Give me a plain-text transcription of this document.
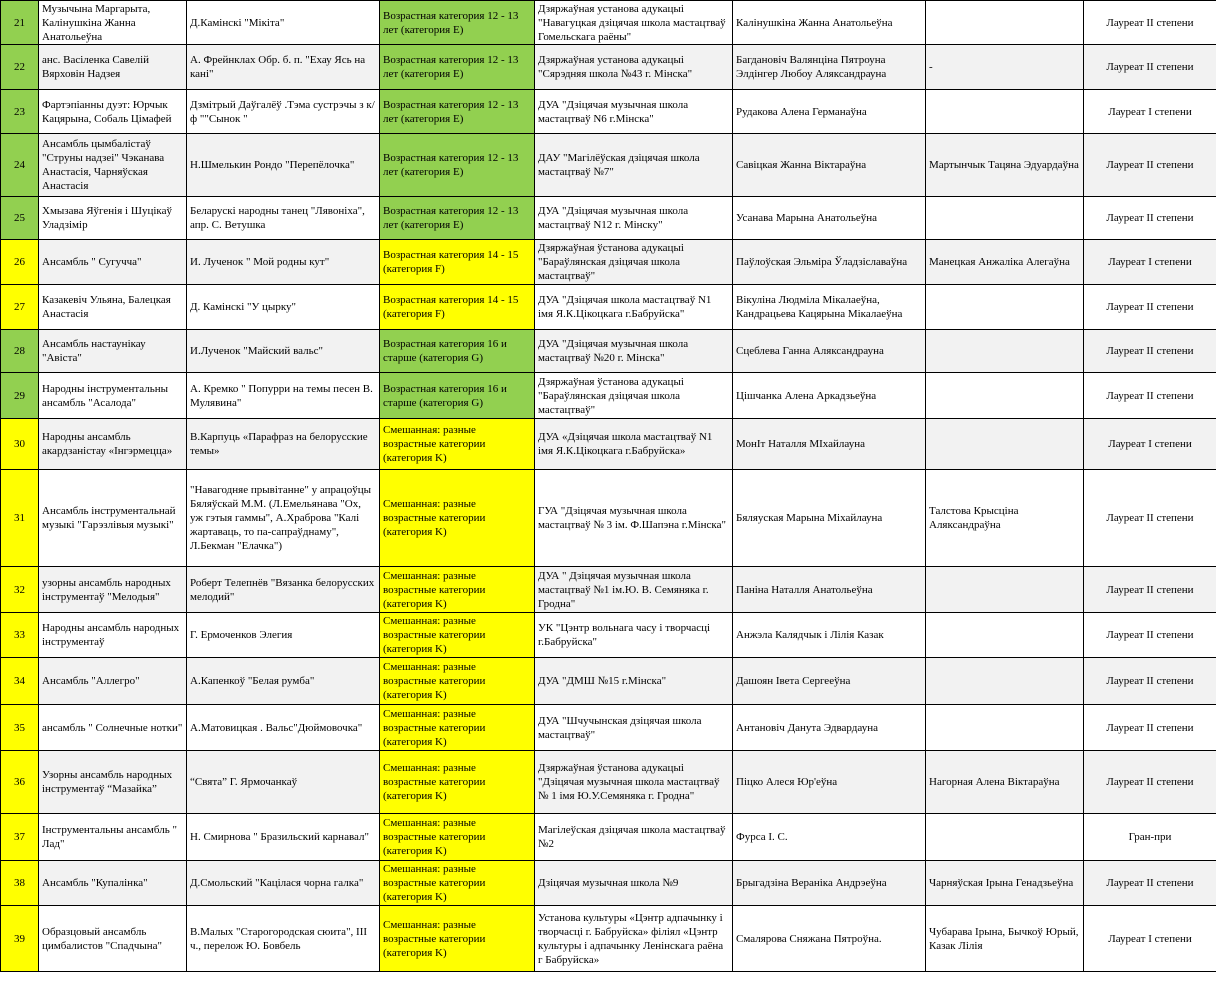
21	Музычына Маргарыта, Калінушкіна Жанна Анатольеўна	Д.Камінскі "Мікіта"	Возрастная категория 12 - 13 лет (категория E)	Дзяржаўная установа адукацыі "Навагуцкая дзіцячая школа мастацтваў Гомельскага раёны"	Калінушкіна Жанна Анатольеўна		Лауреат II степени
22	анс. Васіленка Савелій Вярховін Надзея	А. Фрейнклах Обр. б. п. "Ехау Ясь на кані"	Возрастная категория 12 - 13 лет (категория E)	Дзяржаўная установа адукацыі "Сярэдняя школа №43 г. Мінска"	Багдановіч Валянціна Пятроуна Элдінгер Любоу Аляксандрауна	-	Лауреат II степени
23	Фартэпіанны дуэт: Юрчык Кацярына, Собаль Цімафей	Дзмітрый Даўгалёў .Тэма сустрэчы з к/ф ""Сынок "	Возрастная категория 12 - 13 лет (категория E)	ДУА "Дзіцячая музычная школа мастацтваў N6 г.Мінска"	Рудакова Алена Германаўна		Лауреат I степени
24	Ансамбль цымбалістаў "Струны надзеі" Чэканава Анастасія, Чарняўская Анастасія	Н.Шмелькин Рондо "Перепёлочка"	Возрастная категория 12 - 13 лет (категория E)	ДАУ "Магілёўская дзіцячая школа мастацтваў №7"	Савіцкая Жанна Віктараўна	Мартынчык Тацяна Эдуардаўна	Лауреат II степени
25	Хмызава Яўгенія і Шуцікаў Уладзімір	Беларускі народны танец "Лявоніха", апр. С. Ветушка	Возрастная категория 12 - 13 лет (категория E)	ДУА "Дзіцячая музычная школа мастацтваў N12 г. Мінску"	Усанава Марына Анатольеўна		Лауреат II степени
26	Ансамбль " Сугучча"	И. Лученок " Мой родны кут"	Возрастная категория 14 - 15 (категория F)	Дзяржаўная ўстанова адукацыі "Бараўлянская дзіцячая школа мастацтваў"	Паўлоўская Эльміра Ўладзіславаўна	Манецкая Анжаліка Алегаўна	Лауреат I степени
27	Казакевіч Ульяна, Балецкая Анастасія	Д. Камінскі "У цырку"	Возрастная категория 14 - 15 (категория F)	ДУА "Дзіцячая школа мастацтваў N1 імя Я.К.Цікоцкага г.Бабруйска"	Вікуліна Людміла Мікалаеўна, Кандрацьева Кацярына Мікалаеўна		Лауреат II степени
28	Ансамбль настаунікау "Авіста"	И.Лученок "Майский вальс"	Возрастная категория 16 и старше (категория G)	ДУА "Дзіцячая музычная школа мастацтваў №20 г. Мінска"	Сцеблева Ганна Аляксандрауна		Лауреат II степени
29	Народны інструментальны ансамбль "Асалода"	А. Кремко " Попурри на темы песен В. Мулявина"	Возрастная категория 16 и старше (категория G)	Дзяржаўная ўстанова адукацыі "Бараўлянская дзіцячая школа мастацтваў"	Цішчанка Алена Аркадзьеўна		Лауреат II степени
30	Народны ансамбль акардзаністау «Інгэрмецца»	В.Карпуць «Парафраз на белорусские темы»	Смешанная: разные возрастные категории (категория K)	ДУА «Дзіцячая школа мастацтваў N1 імя Я.К.Цікоцкага г.Бабруйска»	МонІт Наталля МІхайлауна		Лауреат I степени
31	Ансамбль інструментальнай музыкі "Гарэзлівыя музыкі"	"Навагодняе прывітанне" у апрацоўцы Бяляўскай М.М. (Л.Емельянава "Ох, уж гэтыя гаммы", А.Храброва "Калі жартаваць, то па-сапраўднаму", Л.Бекман "Елачка")	Смешанная: разные возрастные категории (категория K)	ГУА "Дзіцячая музычная школа мастацтваў № 3 ім. Ф.Шапэна г.Мінска"	Бяляуская Марына Міхайлауна	Талстова Крысціна Аляксандраўна	Лауреат II степени
32	узорны ансамбль народных інструментаў "Мелодыя"	Роберт Телепнёв "Вязанка белорусских мелодий"	Смешанная: разные возрастные категории (категория K)	ДУА " Дзіцячая музычная школа мастацтваў №1 ім.Ю. В. Семяняка г. Гродна"	Паніна Наталля Анатольеўна		Лауреат II степени
33	Народны ансамбль народных інструментаў	Г. Ермоченков Элегия	Смешанная: разные возрастные категории (категория K)	УК "Цэнтр вольнага часу і творчасці г.Бабруйска"	Анжэла Калядчык і Лілія Казак		Лауреат II степени
34	Ансамбль "Аллегро"	А.Капенкоў "Белая румба"	Смешанная: разные возрастные категории (категория K)	ДУА "ДМШ №15 г.Мінска"	Дашоян Івета Сергееўна		Лауреат II степени
35	ансамбль " Солнечные нотки"	А.Матовицкая . Вальс"Дюймовочка"	Смешанная: разные возрастные категории (категория K)	ДУА "Шчучынская дзіцячая школа мастацтваў"	Антановіч Данута Эдвардауна		Лауреат II степени
36	Узорны ансамбль народных інструментаў “Мазайка”	“Свята” Г. Ярмочанкаў	Смешанная: разные возрастные категории (категория K)	Дзяржаўная ўстанова адукацыі "Дзіцячая музычная школа мастацтваў № 1 імя Ю.У.Семяняка г. Гродна"	Піцко Алеся Юр'еўна	Нагорная Алена Віктараўна	Лауреат II степени
37	Інструментальны ансамбль " Лад"	Н. Смирнова " Бразильский карнавал"	Смешанная: разные возрастные категории (категория K)	Магілеўская дзіцячая школа мастацтваў №2	Фурса І. С.		Гран-при
38	Ансамбль "Купалінка"	Д.Смольский "Кацілася чорна галка"	Смешанная: разные возрастные категории (категория K)	Дзіцячая музычная школа №9	Брыгадзіна Вераніка Андрэеўна	Чарняўская Ірына Генадзьеўна	Лауреат II степени
39	Образцовый ансамбль цимбалистов "Спадчына"	В.Малых "Старогородская сюита", III ч., перелож Ю. Бовбель	Смешанная: разные возрастные категории (категория K)	Установа культуры «Цэнтр адпачынку і творчасці г. Бабруйска» філіял «Цэнтр культуры і адпачынку Ленінскага раёна г Бабруйска»	Смалярова Сняжана Пятроўна.	Чубарава Ірына, Бычкоў Юрый, Казак Лілія	Лауреат I степени
